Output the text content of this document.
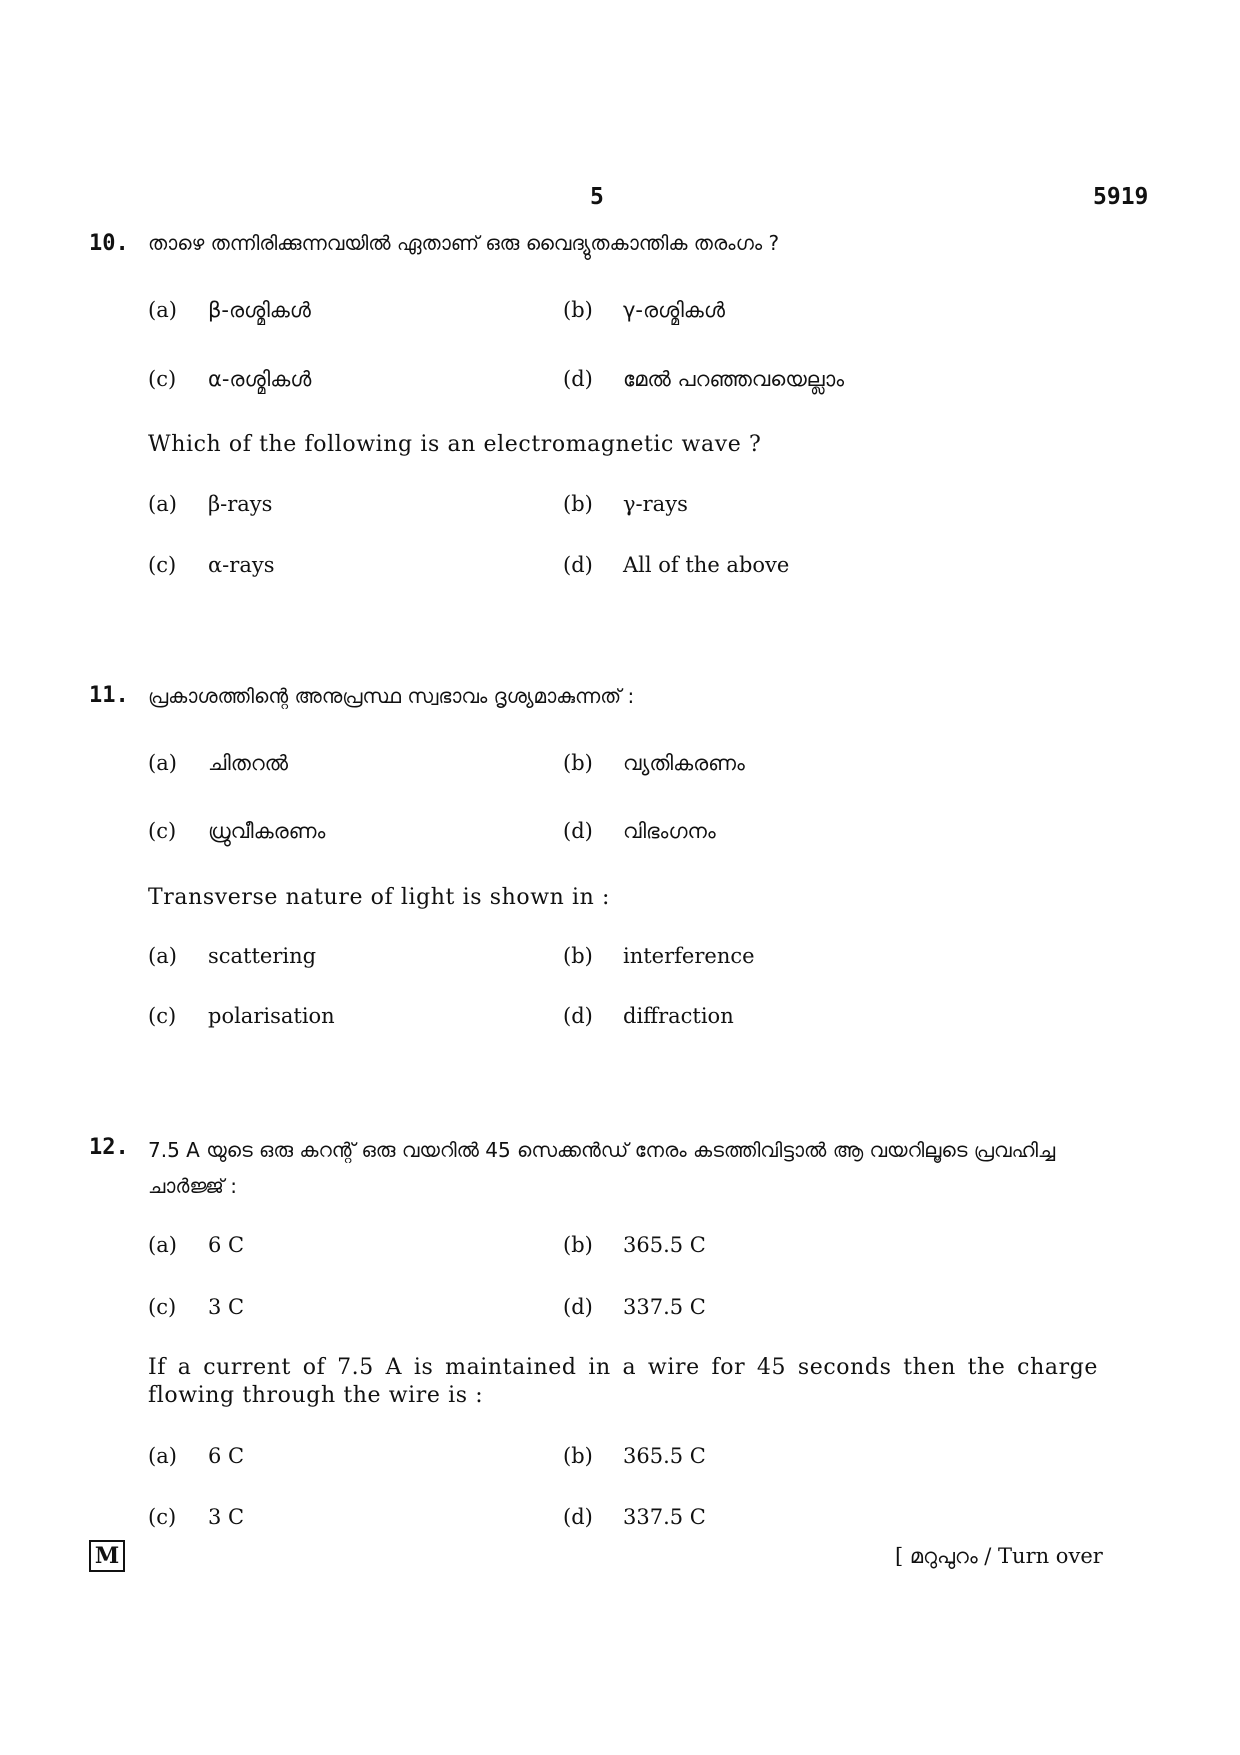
5	5919
10. താഴെ തന്നിരിക്കുന്നവയിൽ ഏതാണ് ഒരു വൈദ്യുതകാന്തിക തരംഗം ?
(a) β-രശ്മികൾ	(b) γ-രശ്മികൾ
(c) α-രശ്മികൾ	(d) മേൽ പറഞ്ഞവയെല്ലാം
Which of the following is an electromagnetic wave ?
(a) β-rays	(b) γ-rays
(c) α-rays	(d) All of the above
11. പ്രകാശത്തിന്റെ അനുപ്രസ്ഥ സ്വഭാവം ദൃശ്യമാകുന്നത് :
(a) ചിതറൽ	(b) വ്യതികരണം
(c) ധ്രുവീകരണം	(d) വിഭംഗനം
Transverse nature of light is shown in :
(a) scattering	(b) interference
(c) polarisation	(d) diffraction
12. 7.5 A യുടെ ഒരു കറന്റ് ഒരു വയറിൽ 45 സെക്കൻഡ് നേരം കടത്തിവിട്ടാൽ ആ വയറിലൂടെ പ്രവഹിച്ച ചാർജ്ജ് :
(a) 6 C	(b) 365.5 C
(c) 3 C	(d) 337.5 C
If a current of 7.5 A is maintained in a wire for 45 seconds then the charge flowing through the wire is :
(a) 6 C	(b) 365.5 C
(c) 3 C	(d) 337.5 C
M	[ മറുപുറം / Turn over
